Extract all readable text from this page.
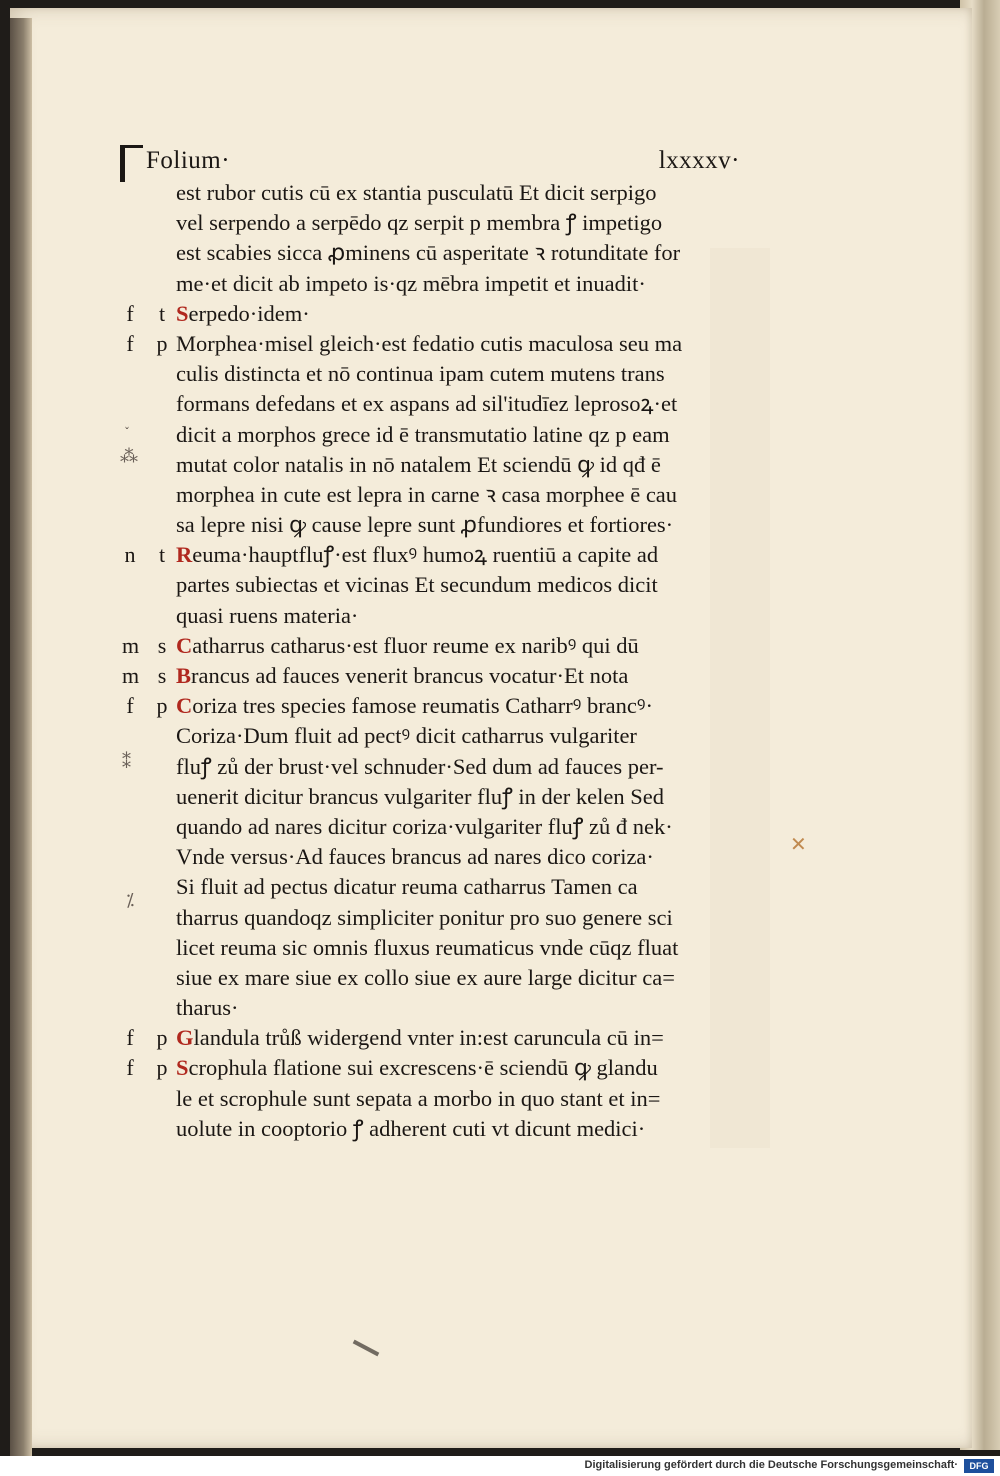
Folium·	lxxxxv·
est rubor cutis cū ex stantia pusculatū Et dicit serpigo
vel serpendo a serpēdo qz serpit p membra ꝭ impetigo
est scabies sicca ꝓminens cū asperitate ꝛ rotunditate for
me·et dicit ab impeto is·qz mēbra impetit et inuadit·
f t Serpedo·idem·
f p Morphea·misel gleich·est fedatio cutis maculosa seu ma
culis distincta et nō continua ipam cutem mutens trans
formans defedans et ex aspans ad sil'itudīez leprosoꝝ·et
dicit a morphos grece id ē transmutatio latine qz p eam
mutat color natalis in nō natalem Et sciendū ꝙ id qđ ē
morphea in cute est lepra in carne ꝛ casa morphee ē cau
sa lepre nisi ꝙ cause lepre sunt ꝓfundiores et fortiores·
n t Reuma·hauptfluꝭ·est fluxꝰ humoꝝ ruentiū a capite ad
partes subiectas et vicinas Et secundum medicos dicit
quasi ruens materia·
m s Catharrus catharus·est fluor reume ex naribꝰ qui dū
m s Brancus ad fauces venerit brancus vocatur·Et nota
f p Coriza tres species famose reumatis Catharrꝰ brancꝰ·
Coriza·Dum fluit ad pectꝰ dicit catharrus vulgariter
fluꝭ zů der brust·vel schnuder·Sed dum ad fauces per-
uenerit dicitur brancus vulgariter fluꝭ in der kelen Sed
quando ad nares dicitur coriza·vulgariter fluꝭ zů đ nek·
Vnde versus·Ad fauces brancus ad nares dico coriza·
Si fluit ad pectus dicatur reuma catharrus Tamen ca
tharrus quandoqz simpliciter ponitur pro suo genere sci
licet reuma sic omnis fluxus reumaticus vnde cūqz fluat
siue ex mare siue ex collo siue ex aure large dicitur ca=
tharus·
f p Glandula trůß widergend vnter in:est caruncula cū in=
f p Scrophula flatione sui excrescens·ē sciendū ꝙ glandu
le et scrophule sunt sepata a morbo in quo stant et in=
uolute in cooptorio ꝭ adherent cuti vt dicunt medici·
˯
⁂
⁑
⁒
✕
Digitalisierung gefördert durch die Deutsche Forschungsgemeinschaft·	DFG
